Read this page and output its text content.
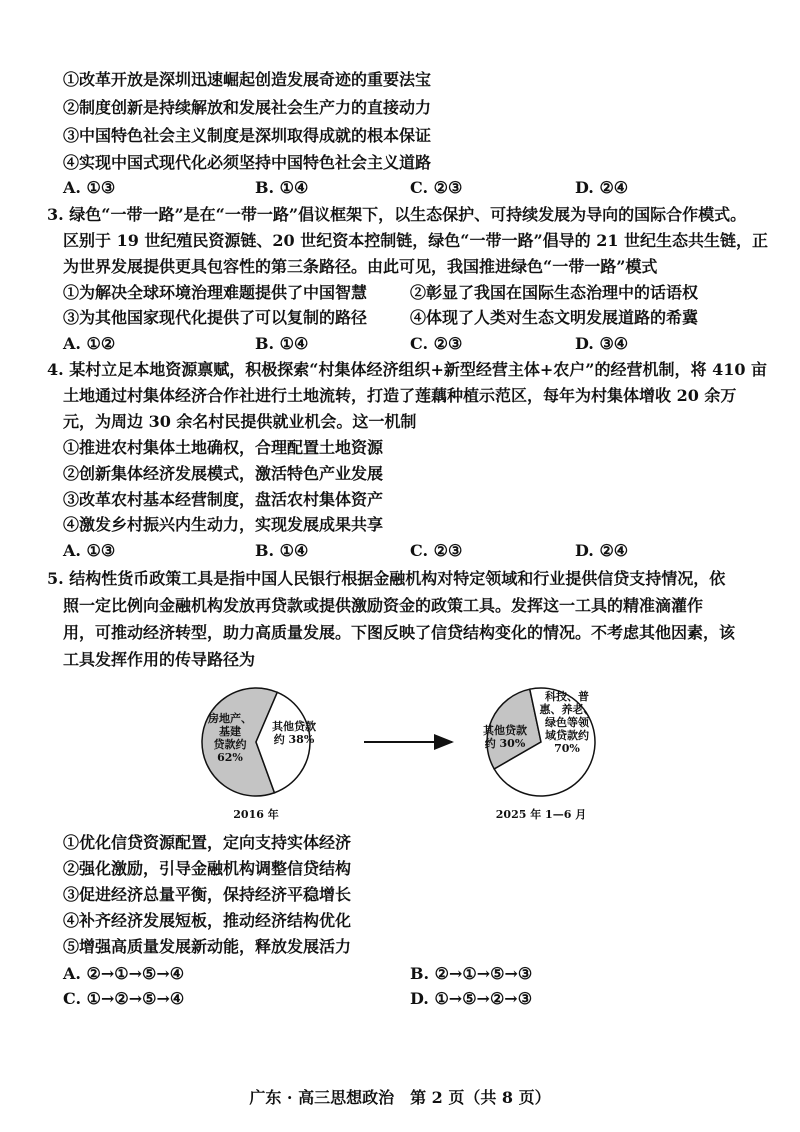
①改革开放是深圳迅速崛起创造发展奇迹的重要法宝
②制度创新是持续解放和发展社会生产力的直接动力
③中国特色社会主义制度是深圳取得成就的根本保证
④实现中国式现代化必须坚持中国特色社会主义道路
A. ①③	B. ①④	C. ②③	D. ②④
3. 绿色“一带一路”是在“一带一路”倡议框架下，以生态保护、可持续发展为导向的国际合作模式。
区别于 19 世纪殖民资源链、20 世纪资本控制链，绿色“一带一路”倡导的 21 世纪生态共生链，正
为世界发展提供更具包容性的第三条路径。由此可见，我国推进绿色“一带一路”模式
①为解决全球环境治理难题提供了中国智慧	②彰显了我国在国际生态治理中的话语权
③为其他国家现代化提供了可以复制的路径	④体现了人类对生态文明发展道路的希冀
A. ①②	B. ①④	C. ②③	D. ③④
4. 某村立足本地资源禀赋，积极探索“村集体经济组织+新型经营主体+农户”的经营机制，将 410 亩
土地通过村集体经济合作社进行土地流转，打造了莲藕种植示范区，每年为村集体增收 20 余万
元，为周边 30 余名村民提供就业机会。这一机制
①推进农村集体土地确权，合理配置土地资源
②创新集体经济发展模式，激活特色产业发展
③改革农村基本经营制度，盘活农村集体资产
④激发乡村振兴内生动力，实现发展成果共享
A. ①③	B. ①④	C. ②③	D. ②④
5. 结构性货币政策工具是指中国人民银行根据金融机构对特定领域和行业提供信贷支持情况，依
照一定比例向金融机构发放再贷款或提供激励资金的政策工具。发挥这一工具的精准滴灌作
用，可推动经济转型，助力高质量发展。下图反映了信贷结构变化的情况。不考虑其他因素，该
工具发挥作用的传导路径为
房地产、基建贷款约 62%
其他贷款约 38%
2016 年
其他贷款约 30%
科技、普惠、养老、绿色等领域贷款约 70%
2025 年 1—6 月
①优化信贷资源配置，定向支持实体经济
②强化激励，引导金融机构调整信贷结构
③促进经济总量平衡，保持经济平稳增长
④补齐经济发展短板，推动经济结构优化
⑤增强高质量发展新动能，释放发展活力
A. ②→①→⑤→④	B. ②→①→⑤→③
C. ①→②→⑤→④	D. ①→⑤→②→③
广东 · 高三思想政治　第 2 页（共 8 页）
